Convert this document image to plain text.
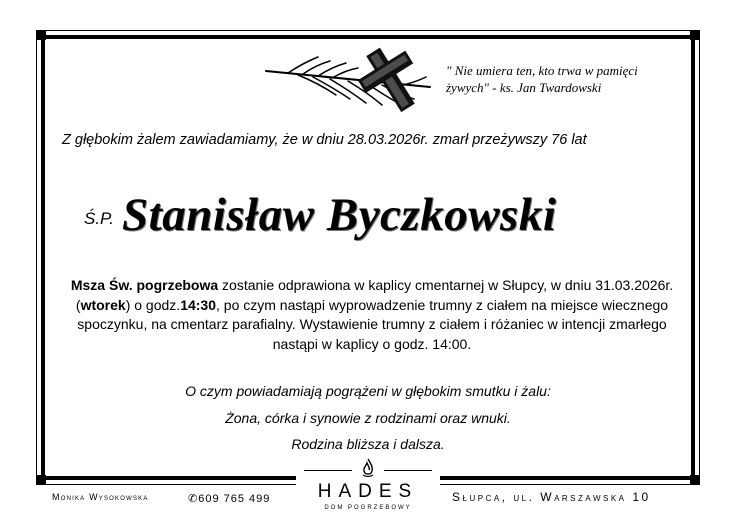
" Nie umiera ten, kto trwa w pamięci
żywych" - ks. Jan Twardowski
Z głębokim żalem zawiadamiamy, że w dniu 28.03.2026r. zmarł przeżywszy 76 lat
Ś.P. Stanisław Byczkowski
Msza Św. pogrzebowa zostanie odprawiona w kaplicy cmentarnej w Słupcy, w dniu 31.03.2026r. (wtorek) o godz.14:30, po czym nastąpi wyprowadzenie trumny z ciałem na miejsce wiecznego spoczynku, na cmentarz parafialny. Wystawienie trumny z ciałem i różaniec w intencji zmarłego nastąpi w kaplicy o godz. 14:00.
O czym powiadamiają pogrążeni w głębokim smutku i żalu:
Żona, córka i synowie z rodzinami oraz wnuki.
Rodzina bliższa i dalsza.
Monika Wysokowska	✆609 765 499	Słupca, ul. Warszawska 10
HADES
DOM POGRZEBOWY
